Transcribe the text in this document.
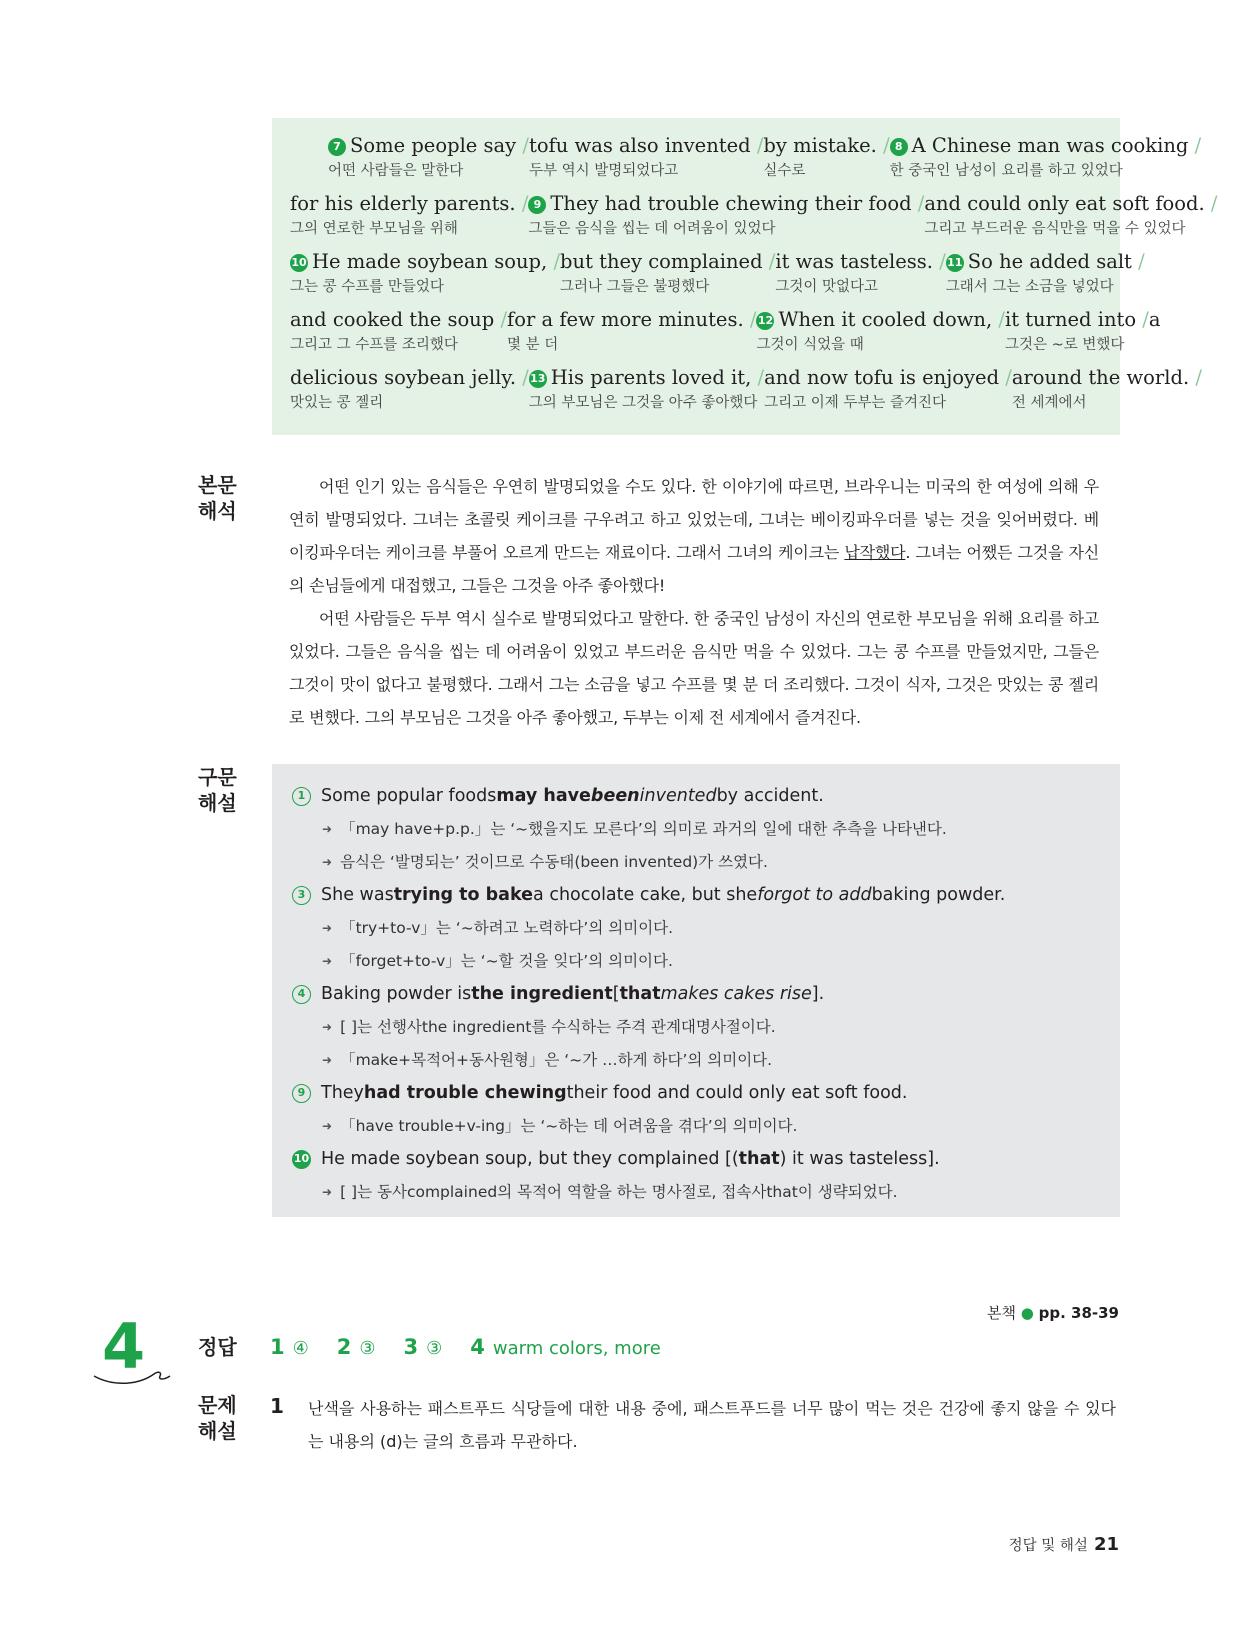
7 Some people say /
어떤 사람들은 말한다
tofu was also invented /
두부 역시 발명되었다고
by mistake. /
실수로
8 A Chinese man was cooking /
한 중국인 남성이 요리를 하고 있었다
for his elderly parents. /
그의 연로한 부모님을 위해
9 They had trouble chewing their food /
그들은 음식을 씹는 데 어려움이 있었다
and could only eat soft food. /
그리고 부드러운 음식만을 먹을 수 있었다
10 He made soybean soup, /
그는 콩 수프를 만들었다
but they complained /
그러나 그들은 불평했다
it was tasteless. /
그것이 맛없다고
11 So he added salt /
그래서 그는 소금을 넣었다
and cooked the soup /
그리고 그 수프를 조리했다
for a few more minutes. /
몇 분 더
12 When it cooled down, /
그것이 식었을 때
it turned into /
그것은 ~로 변했다
a
delicious soybean jelly. /
맛있는 콩 젤리
13 His parents loved it, /
그의 부모님은 그것을 아주 좋아했다
and now tofu is enjoyed /
그리고 이제 두부는 즐겨진다
around the world. /
전 세계에서
본문
해석

어떤 인기 있는 음식들은 우연히 발명되었을 수도 있다. 한 이야기에 따르면, 브라우니는 미국의 한 여성에 의해 우연히 발명되었다. 그녀는 초콜릿 케이크를 구우려고 하고 있었는데, 그녀는 베이킹파우더를 넣는 것을 잊어버렸다. 베이킹파우더는 케이크를 부풀어 오르게 만드는 재료이다. 그래서 그녀의 케이크는 납작했다. 그녀는 어쨌든 그것을 자신의 손님들에게 대접했고, 그들은 그것을 아주 좋아했다!

어떤 사람들은 두부 역시 실수로 발명되었다고 말한다. 한 중국인 남성이 자신의 연로한 부모님을 위해 요리를 하고 있었다. 그들은 음식을 씹는 데 어려움이 있었고 부드러운 음식만 먹을 수 있었다. 그는 콩 수프를 만들었지만, 그들은 그것이 맛이 없다고 불평했다. 그래서 그는 소금을 넣고 수프를 몇 분 더 조리했다. 그것이 식자, 그것은 맛있는 콩 젤리로 변했다. 그의 부모님은 그것을 아주 좋아했고, 두부는 이제 전 세계에서 즐겨진다.

구문
해설	1 Some popular foods may have been invented by accident.
➜ 「may have+p.p.」 는 ‘~했을지도 모른다’의 의미로 과거의 일에 대한 추측을 나타낸다.
➜ 음식은 ‘발명되는’ 것이므로 수동태( been invented )가 쓰였다.
3 She was trying to bake a chocolate cake, but she forgot to add baking powder.
➜ 「try+to-v」 는 ‘~하려고 노력하다’의 의미이다.
➜ 「forget+to-v」 는 ‘~할 것을 잊다’의 의미이다.
4 Baking powder is the ingredient [ that makes cakes rise ].
➜ [ ]는 선행사 the ingredient 를 수식하는 주격 관계대명사절이다.
➜ 「make+목적어+동사원형」 은 ‘~가 …하게 하다’의 의미이다.
9 They had trouble chewing their food and could only eat soft food.
➜ 「have trouble+v-ing」 는 ‘~하는 데 어려움을 겪다’의 의미이다.
10 He made soybean soup, but they complained [( that ) it was tasteless].
➜ [ ]는 동사 complained 의 목적어 역할을 하는 명사절로, 접속사 that 이 생략되었다.
본책 ● pp. 38-39
4	정답 1 ④ 2 ③ 3 ③ 4 warm colors, more
문제
해설
1 난색을 사용하는 패스트푸드 식당들에 대한 내용 중에, 패스트푸드를 너무 많이 먹는 것은 건강에 좋지 않을 수 있다는 내용의 (d)는 글의 흐름과 무관하다.
정답 및 해설 21
